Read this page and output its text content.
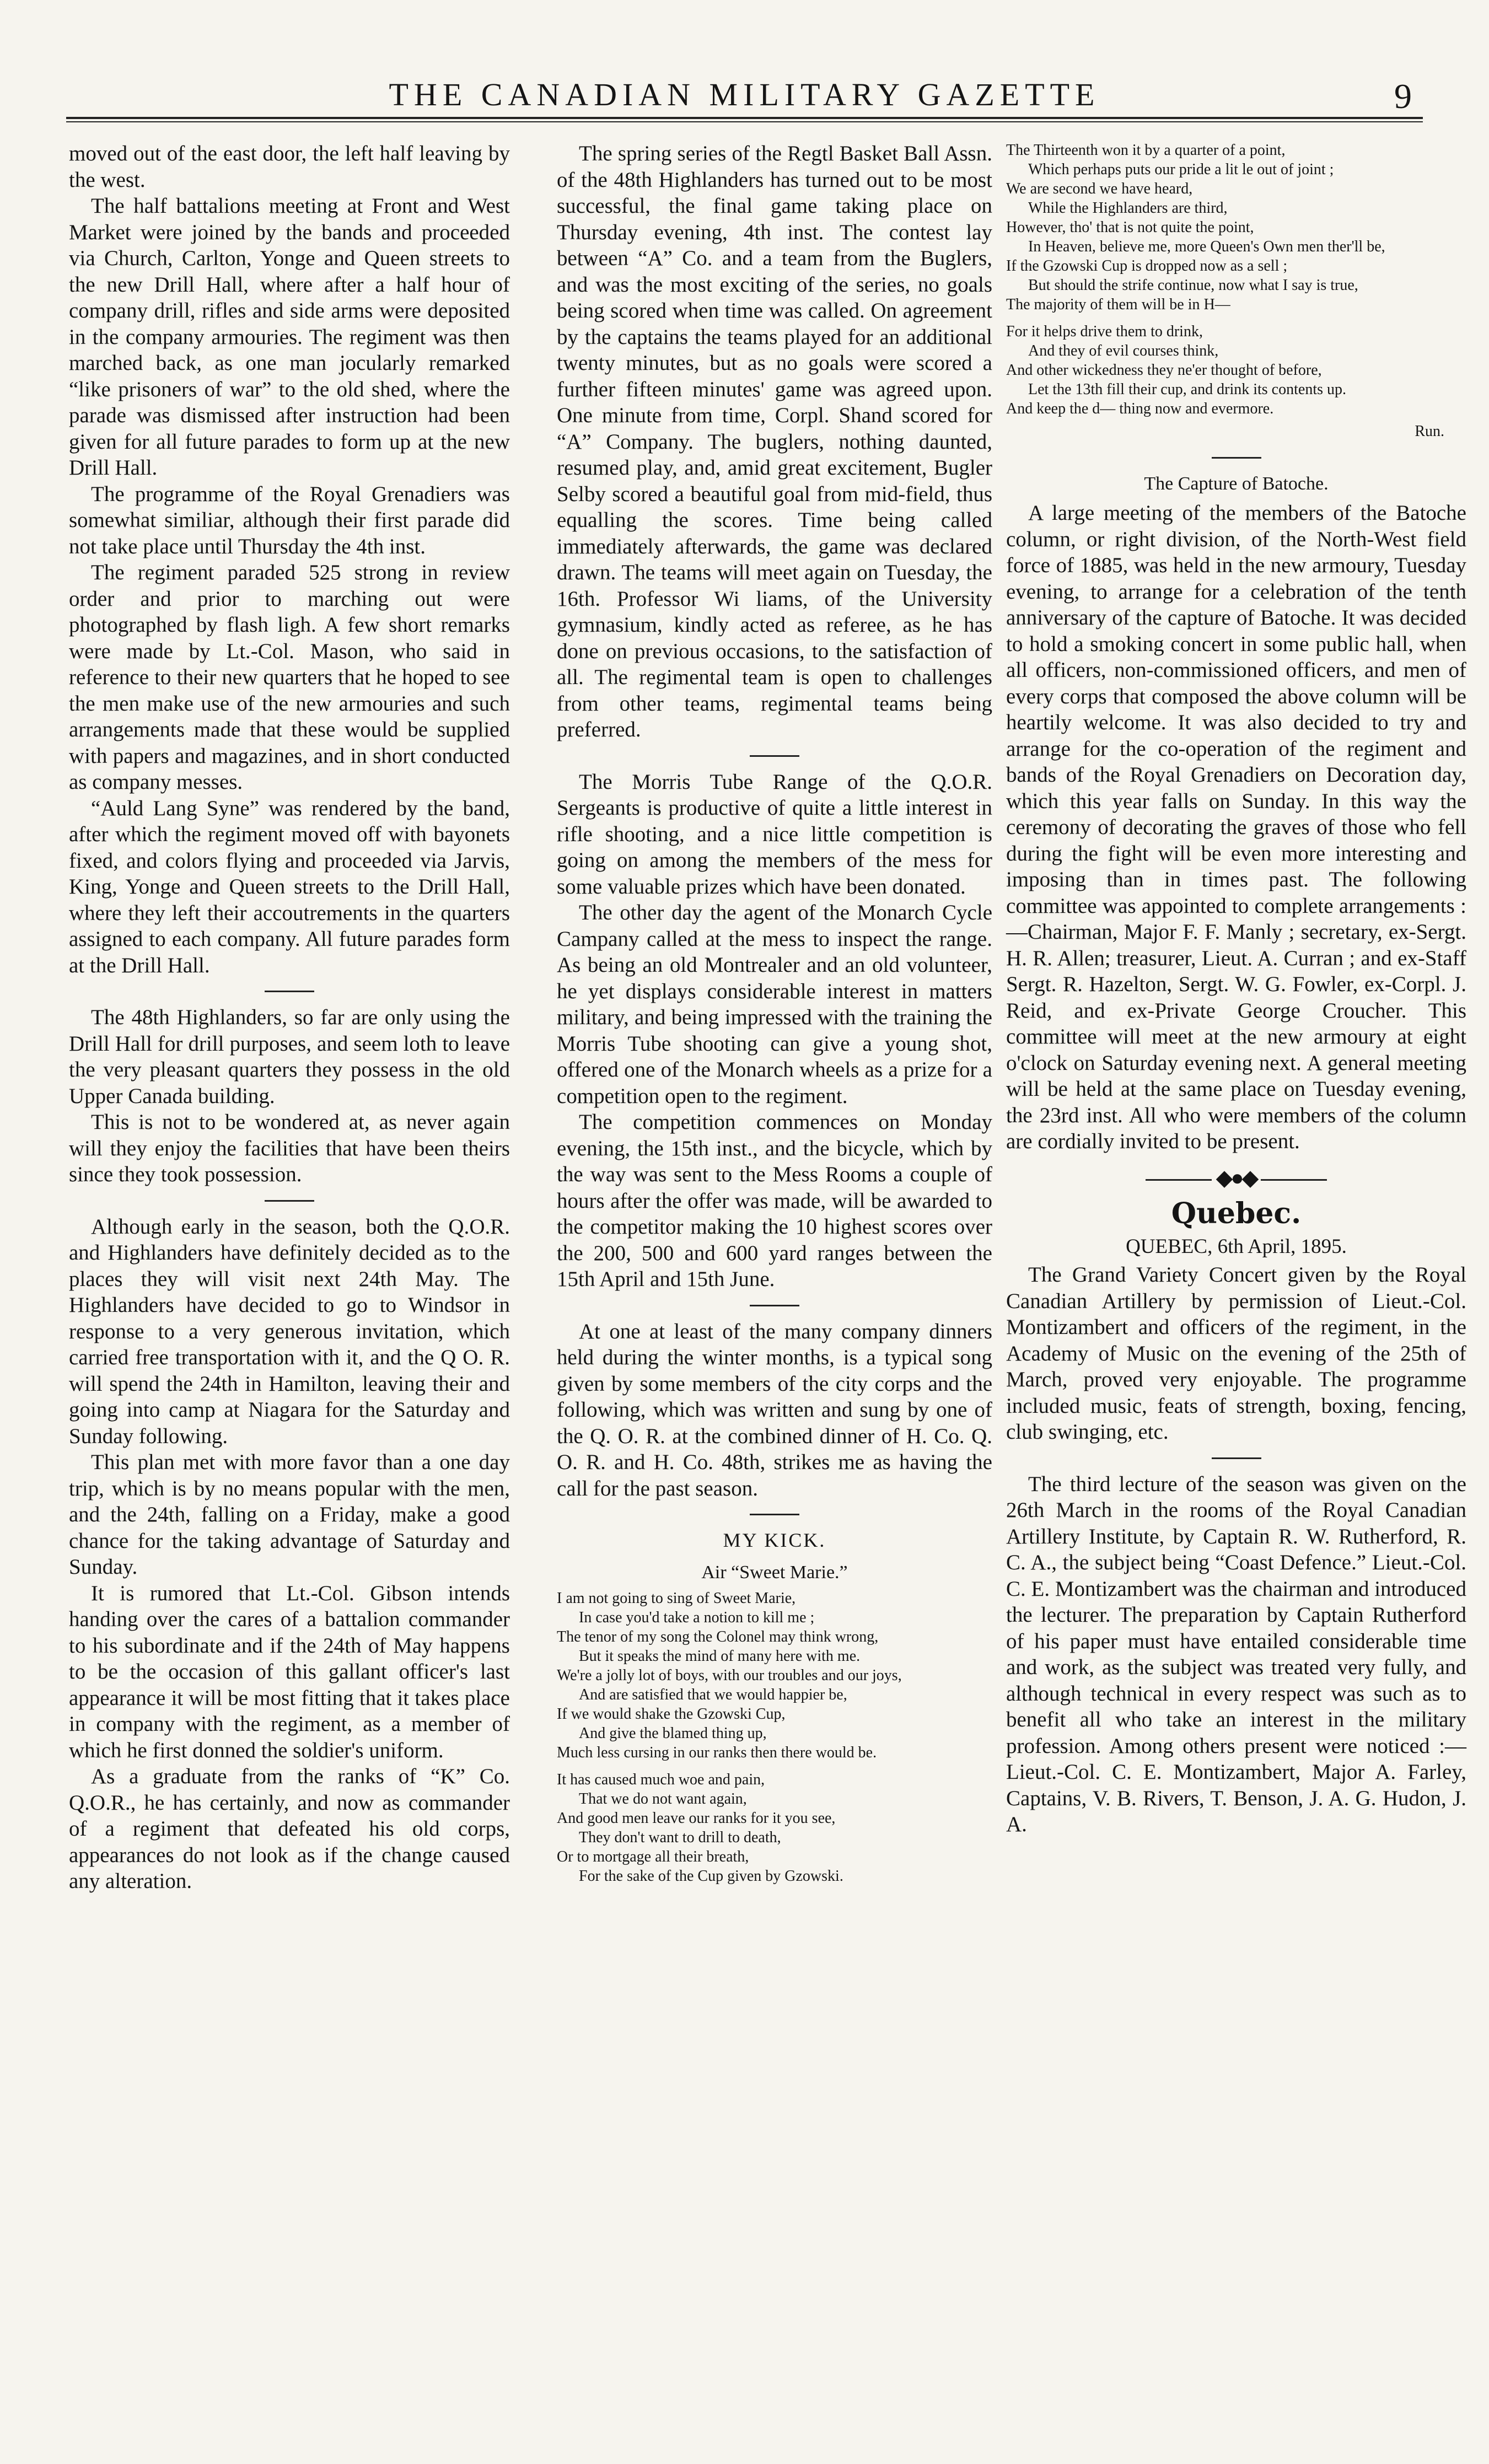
THE CANADIAN MILITARY GAZETTE	9

moved out of the east door, the left half leaving by the west.

The half battalions meeting at Front and West Market were joined by the bands and proceeded via Church, Carlton, Yonge and Queen streets to the new Drill Hall, where after a half hour of company drill, rifles and side arms were deposited in the company armouries. The regiment was then marched back, as one man jocularly remarked “like prisoners of war” to the old shed, where the parade was dismissed after instruction had been given for all future parades to form up at the new Drill Hall.

The programme of the Royal Grenadiers was somewhat similiar, although their first parade did not take place until Thursday the 4th inst.

The regiment paraded 525 strong in review order and prior to marching out were photographed by flash ligh. A few short remarks were made by Lt.-Col. Mason, who said in reference to their new quarters that he hoped to see the men make use of the new armouries and such arrangements made that these would be supplied with papers and magazines, and in short conducted as company messes.

“Auld Lang Syne” was rendered by the band, after which the regiment moved off with bayonets fixed, and colors flying and proceeded via Jarvis, King, Yonge and Queen streets to the Drill Hall, where they left their accoutrements in the quarters assigned to each company. All future parades form at the Drill Hall.

The 48th Highlanders, so far are only using the Drill Hall for drill purposes, and seem loth to leave the very pleasant quarters they possess in the old Upper Canada building.

This is not to be wondered at, as never again will they enjoy the facilities that have been theirs since they took possession.

Although early in the season, both the Q.O.R. and Highlanders have definitely decided as to the places they will visit next 24th May. The Highlanders have decided to go to Windsor in response to a very generous invitation, which carried free transportation with it, and the Q O. R. will spend the 24th in Hamilton, leaving their and going into camp at Niagara for the Saturday and Sunday following.

This plan met with more favor than a one day trip, which is by no means popular with the men, and the 24th, falling on a Friday, make a good chance for the taking advantage of Saturday and Sunday.

It is rumored that Lt.-Col. Gibson intends handing over the cares of a battalion commander to his subordinate and if the 24th of May happens to be the occasion of this gallant officer's last appearance it will be most fitting that it takes place in company with the regiment, as a member of which he first donned the soldier's uniform.

As a graduate from the ranks of “K” Co. Q.O.R., he has certainly, and now as commander of a regiment that defeated his old corps, appearances do not look as if the change caused any alteration.

The spring series of the Regtl Basket Ball Assn. of the 48th Highlanders has turned out to be most successful, the final game taking place on Thursday evening, 4th inst. The contest lay between “A” Co. and a team from the Buglers, and was the most exciting of the series, no goals being scored when time was called. On agreement by the captains the teams played for an additional twenty minutes, but as no goals were scored a further fifteen minutes' game was agreed upon. One minute from time, Corpl. Shand scored for “A” Company. The buglers, nothing daunted, resumed play, and, amid great excitement, Bugler Selby scored a beautiful goal from mid-field, thus equalling the scores. Time being called immediately afterwards, the game was declared drawn. The teams will meet again on Tuesday, the 16th. Professor Wi liams, of the University gymnasium, kindly acted as referee, as he has done on previous occasions, to the satisfaction of all. The regimental team is open to challenges from other teams, regimental teams being preferred.

The Morris Tube Range of the Q.O.R. Sergeants is productive of quite a little interest in rifle shooting, and a nice little competition is going on among the members of the mess for some valuable prizes which have been donated.

The other day the agent of the Monarch Cycle Campany called at the mess to inspect the range. As being an old Montrealer and an old volunteer, he yet displays considerable interest in matters military, and being impressed with the training the Morris Tube shooting can give a young shot, offered one of the Monarch wheels as a prize for a competition open to the regiment.

The competition commences on Monday evening, the 15th inst., and the bicycle, which by the way was sent to the Mess Rooms a couple of hours after the offer was made, will be awarded to the competitor making the 10 highest scores over the 200, 500 and 600 yard ranges between the 15th April and 15th June.

At one at least of the many company dinners held during the winter months, is a typical song given by some members of the city corps and the following, which was written and sung by one of the Q. O. R. at the combined dinner of H. Co. Q. O. R. and H. Co. 48th, strikes me as having the call for the past season.

MY KICK.
Air “Sweet Marie.”
I am not going to sing of Sweet Marie,
In case you'd take a notion to kill me ;
The tenor of my song the Colonel may think wrong,
But it speaks the mind of many here with me.
We're a jolly lot of boys, with our troubles and our joys,
And are satisfied that we would happier be,
If we would shake the Gzowski Cup,
And give the blamed thing up,
Much less cursing in our ranks then there would be.
It has caused much woe and pain,
That we do not want again,
And good men leave our ranks for it you see,
They don't want to drill to death,
Or to mortgage all their breath,
For the sake of the Cup given by Gzowski.
The Thirteenth won it by a quarter of a point,
Which perhaps puts our pride a lit le out of joint ;
We are second we have heard,
While the Highlanders are third,
However, tho' that is not quite the point,
In Heaven, believe me, more Queen's Own men ther'll be,
If the Gzowski Cup is dropped now as a sell ;
But should the strife continue, now what I say is true,
The majority of them will be in H—
For it helps drive them to drink,
And they of evil courses think,
And other wickedness they ne'er thought of before,
Let the 13th fill their cup, and drink its contents up.
And keep the d— thing now and evermore.
Run.
The Capture of Batoche.

A large meeting of the members of the Batoche column, or right division, of the North-West field force of 1885, was held in the new armoury, Tuesday evening, to arrange for a celebration of the tenth anniversary of the capture of Batoche. It was decided to hold a smoking concert in some public hall, when all officers, non-commissioned officers, and men of every corps that composed the above column will be heartily welcome. It was also decided to try and arrange for the co-operation of the regiment and bands of the Royal Grenadiers on Decoration day, which this year falls on Sunday. In this way the ceremony of decorating the graves of those who fell during the fight will be even more interesting and imposing than in times past. The following committee was appointed to complete arrangements :—Chairman, Major F. F. Manly ; secretary, ex-Sergt. H. R. Allen; treasurer, Lieut. A. Curran ; and ex-Staff Sergt. R. Hazelton, Sergt. W. G. Fowler, ex-Corpl. J. Reid, and ex-Private George Croucher. This committee will meet at the new armoury at eight o'clock on Saturday evening next. A general meeting will be held at the same place on Tuesday evening, the 23rd inst. All who were members of the column are cordially invited to be present.

◆●◆
Quebec.
QUEBEC, 6th April, 1895.

The Grand Variety Concert given by the Royal Canadian Artillery by permission of Lieut.-Col. Montizambert and officers of the regiment, in the Academy of Music on the evening of the 25th of March, proved very enjoyable. The programme included music, feats of strength, boxing, fencing, club swinging, etc.

The third lecture of the season was given on the 26th March in the rooms of the Royal Canadian Artillery Institute, by Captain R. W. Rutherford, R. C. A., the subject being “Coast Defence.” Lieut.-Col. C. E. Montizambert was the chairman and introduced the lecturer. The preparation by Captain Rutherford of his paper must have entailed considerable time and work, as the subject was treated very fully, and although technical in every respect was such as to benefit all who take an interest in the military profession. Among others present were noticed :—Lieut.-Col. C. E. Montizambert, Major A. Farley, Captains, V. B. Rivers, T. Benson, J. A. G. Hudon, J. A.
